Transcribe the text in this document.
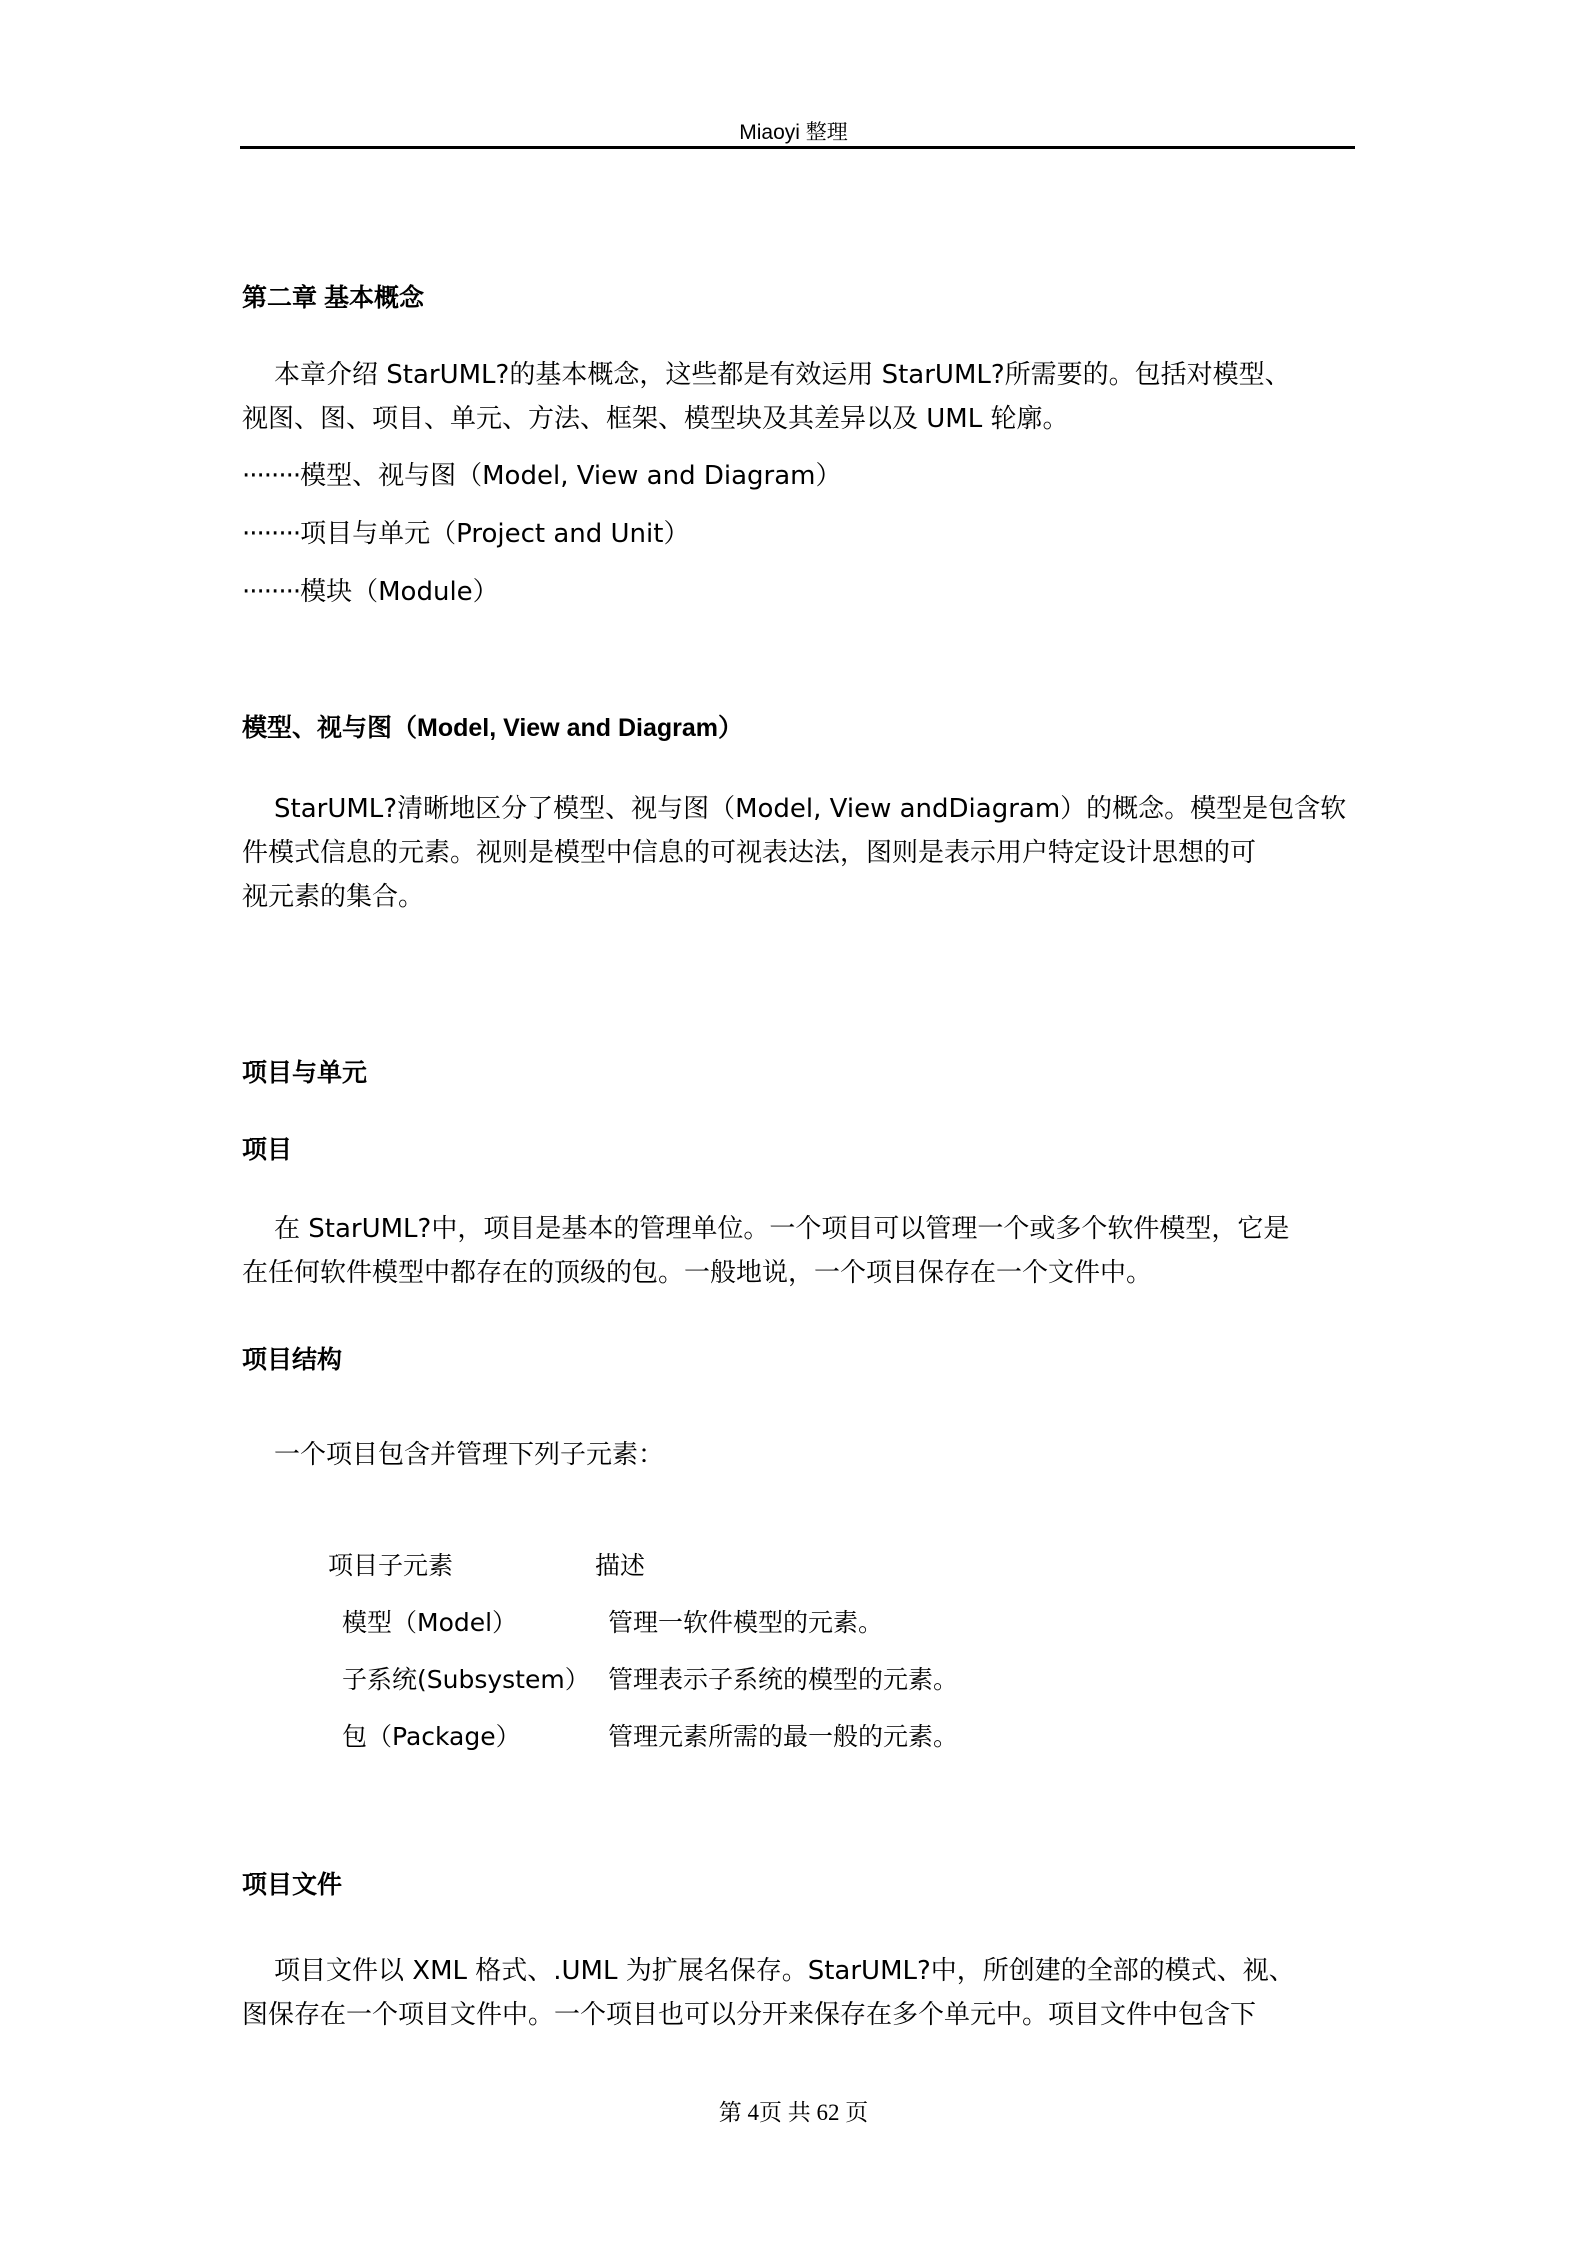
Miaoyi 整理
第二章 基本概念
本章介绍 StarUML?的基本概念，这些都是有效运用 StarUML?所需要的。包括对模型、
视图、图、项目、单元、方法、框架、模型块及其差异以及 UML 轮廓。
········模型、视与图（Model, View and Diagram）
········项目与单元（Project and Unit）
········模块（Module）
模型、视与图（Model, View and Diagram）
StarUML?清晰地区分了模型、视与图（Model, View andDiagram）的概念。模型是包含软
件模式信息的元素。视则是模型中信息的可视表达法，图则是表示用户特定设计思想的可
视元素的集合。
项目与单元
项目
在 StarUML?中，项目是基本的管理单位。一个项目可以管理一个或多个软件模型，它是
在任何软件模型中都存在的顶级的包。一般地说，一个项目保存在一个文件中。
项目结构
一个项目包含并管理下列子元素：
项目子元素	描述
模型（Model）	管理一软件模型的元素。
子系统(Subsystem） 管理表示子系统的模型的元素。
包（Package）	管理元素所需的最一般的元素。
项目文件
项目文件以 XML 格式、.UML 为扩展名保存。StarUML?中，所创建的全部的模式、视、
图保存在一个项目文件中。一个项目也可以分开来保存在多个单元中。项目文件中包含下
第 4页 共 62 页
